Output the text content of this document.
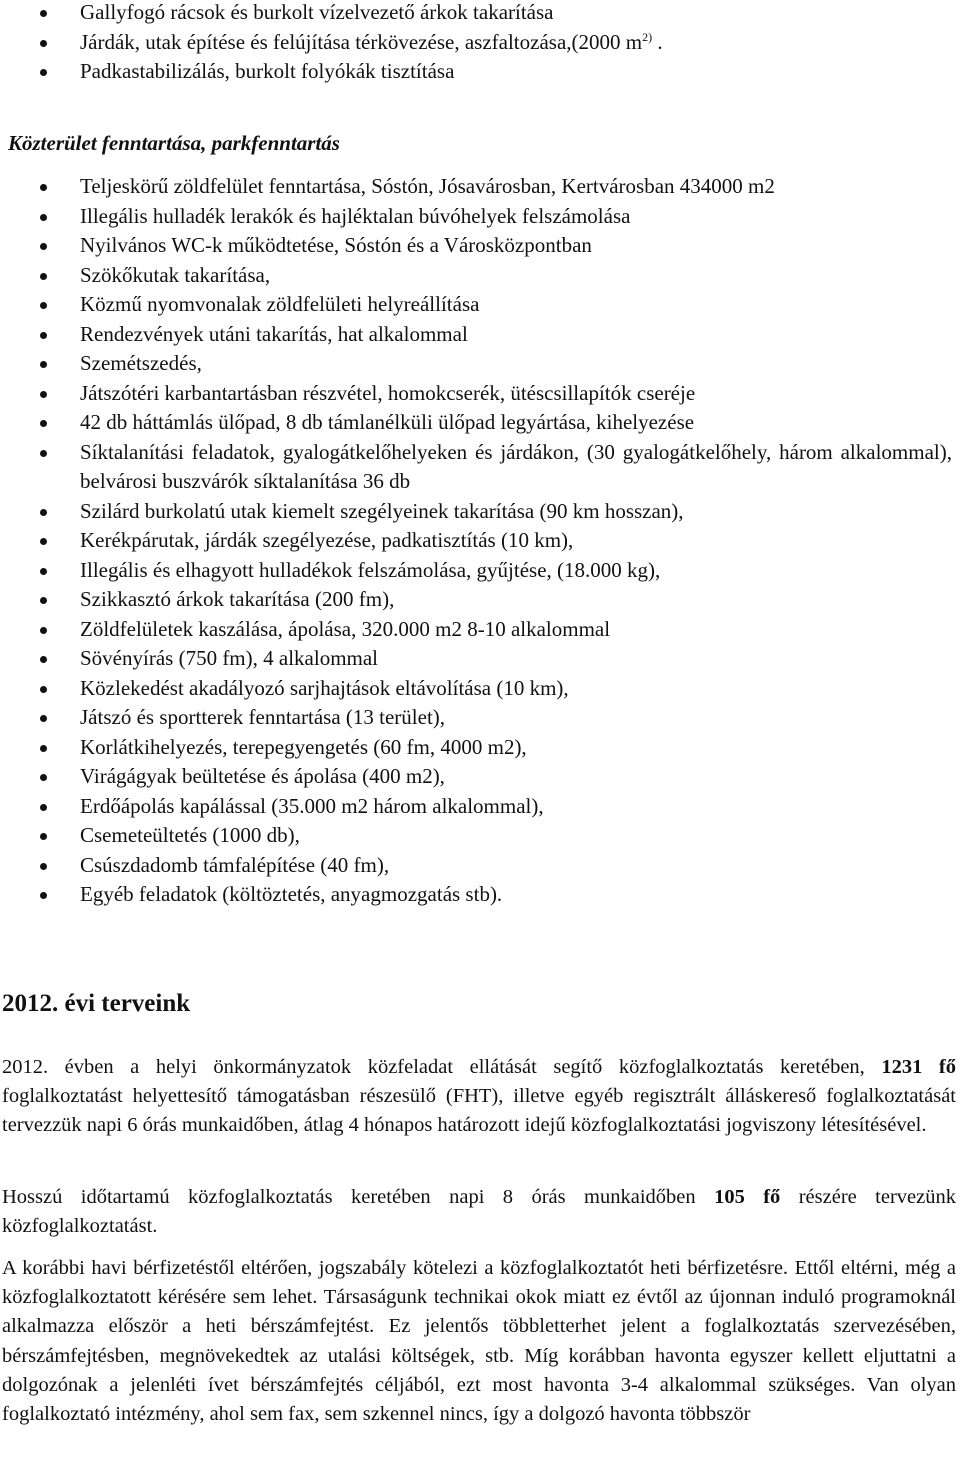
Gallyfogó rácsok és burkolt vízelvezető árkok takarítása
Járdák, utak építése és felújítása térkövezése, aszfaltozása,(2000 $m^{2)}$ .
Padkastabilizálás, burkolt folyókák tisztítása
Közterület fenntartása, parkfenntartás
Teljeskörű zöldfelület fenntartása, Sóstón, Jósavárosban, Kertvárosban 434000 m2
Illegális hulladék lerakók és hajléktalan búvóhelyek felszámolása
Nyilvános WC-k működtetése, Sóstón és a Városközpontban
Szökőkutak takarítása,
Közmű nyomvonalak zöldfelületi helyreállítása
Rendezvények utáni takarítás, hat alkalommal
Szemétszedés,
Játszótéri karbantartásban részvétel, homokcserék, ütéscsillapítók cseréje
42 db háttámlás ülőpad, 8 db támlanélküli ülőpad legyártása, kihelyezése
Síktalanítási feladatok, gyalogátkelőhelyeken és járdákon, (30 gyalogátkelőhely, három alkalommal), belvárosi buszvárók síktalanítása 36 db
Szilárd burkolatú utak kiemelt szegélyeinek takarítása (90 km hosszan),
Kerékpárutak, járdák szegélyezése, padkatisztítás (10 km),
Illegális és elhagyott hulladékok felszámolása, gyűjtése, (18.000 kg),
Szikkasztó árkok takarítása (200 fm),
Zöldfelületek kaszálása, ápolása, 320.000 m2 8-10 alkalommal
Sövényírás (750 fm), 4 alkalommal
Közlekedést akadályozó sarjhajtások eltávolítása (10 km),
Játszó és sportterek fenntartása (13 terület),
Korlátkihelyezés, terepegyengetés (60 fm, 4000 m2),
Virágágyak beültetése és ápolása (400 m2),
Erdőápolás kapálással (35.000 m2 három alkalommal),
Csemeteültetés (1000 db),
Csúszdadomb támfalépítése (40 fm),
Egyéb feladatok (költöztetés, anyagmozgatás stb).
2012. évi terveink

2012. évben a helyi önkormányzatok közfeladat ellátását segítő közfoglalkoztatás keretében, 1231 fő foglalkoztatást helyettesítő támogatásban részesülő (FHT), illetve egyéb regisztrált álláskereső foglalkoztatását tervezzük napi 6 órás munkaidőben, átlag 4 hónapos határozott idejű közfoglalkoztatási jogviszony létesítésével.

Hosszú időtartamú közfoglalkoztatás keretében napi 8 órás munkaidőben 105 fő részére tervezünk közfoglalkoztatást.

A korábbi havi bérfizetéstől eltérően, jogszabály kötelezi a közfoglalkoztatót heti bérfizetésre. Ettől eltérni, még a közfoglalkoztatott kérésére sem lehet. Társaságunk technikai okok miatt ez évtől az újonnan induló programoknál alkalmazza először a heti bérszámfejtést. Ez jelentős többletterhet jelent a foglalkoztatás szervezésében, bérszámfejtésben, megnövekedtek az utalási költségek, stb. Míg korábban havonta egyszer kellett eljuttatni a dolgozónak a jelenléti ívet bérszámfejtés céljából, ezt most havonta 3-4 alkalommal szükséges. Van olyan foglalkoztató intézmény, ahol sem fax, sem szkennel nincs, így a dolgozó havonta többször
